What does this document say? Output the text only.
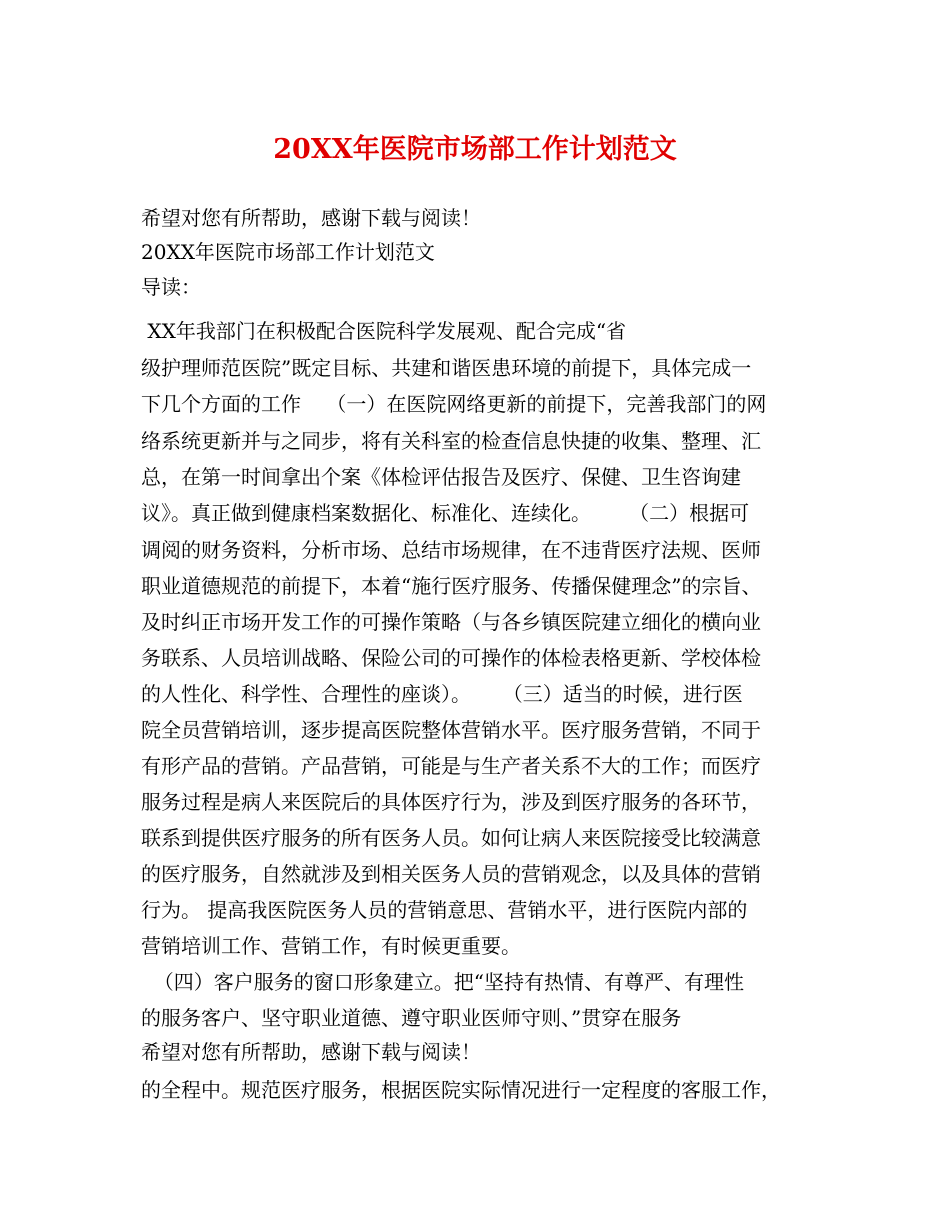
20XX年医院市场部工作计划范文
希望对您有所帮助，感谢下载与阅读！
20XX年医院市场部工作计划范文
导读：
XX年我部门在积极配合医院科学发展观、配合完成“省
级护理师范医院”既定目标、共建和谐医患环境的前提下，具体完成一
下几个方面的工作    （一）在医院网络更新的前提下，完善我部门的网
络系统更新并与之同步，将有关科室的检查信息快捷的收集、整理、汇
总，在第一时间拿出个案《体检评估报告及医疗、保健、卫生咨询建
议》。真正做到健康档案数据化、标准化、连续化。      （二）根据可
调阅的财务资料，分析市场、总结市场规律，在不违背医疗法规、医师
职业道德规范的前提下，本着“施行医疗服务、传播保健理念”的宗旨、
及时纠正市场开发工作的可操作策略（与各乡镇医院建立细化的横向业
务联系、人员培训战略、保险公司的可操作的体检表格更新、学校体检
的人性化、科学性、合理性的座谈）。     （三）适当的时候，进行医
院全员营销培训，逐步提高医院整体营销水平。医疗服务营销，不同于
有形产品的营销。产品营销，可能是与生产者关系不大的工作；而医疗
服务过程是病人来医院后的具体医疗行为，涉及到医疗服务的各环节，
联系到提供医疗服务的所有医务人员。如何让病人来医院接受比较满意
的医疗服务，自然就涉及到相关医务人员的营销观念，以及具体的营销
行为。 提高我医院医务人员的营销意思、营销水平，进行医院内部的
营销培训工作、营销工作，有时候更重要。
（四）客户服务的窗口形象建立。把“坚持有热情、有尊严、有理性
的服务客户、坚守职业道德、遵守职业医师守则、”贯穿在服务
希望对您有所帮助，感谢下载与阅读！
的全程中。规范医疗服务，根据医院实际情况进行一定程度的客服工作，
